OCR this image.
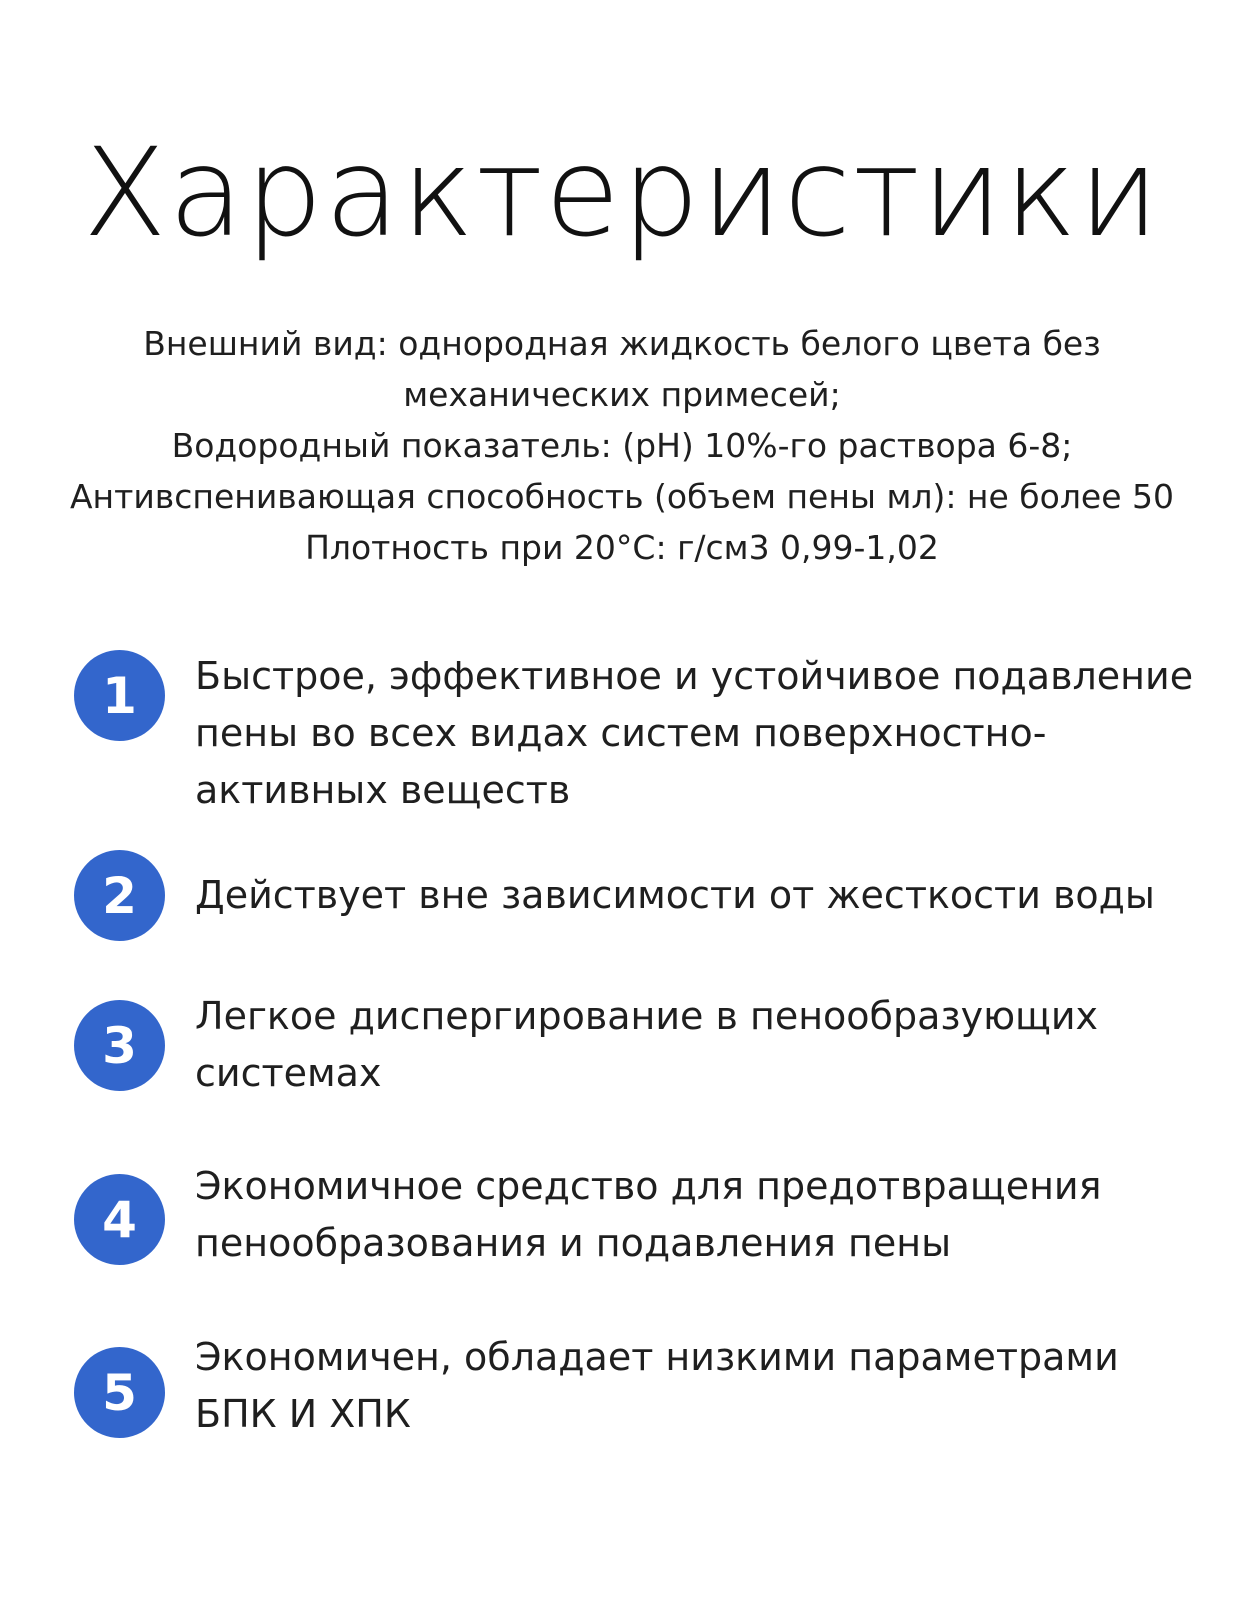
Характеристики
Внешний вид: однородная жидкость белого цвета без
механических примесей;
Водородный показатель: (pH) 10%-го раствора 6-8;
Антивспенивающая способность (объем пены мл): не более 50
Плотность при 20°С: г/см3 0,99-1,02
1	Быстрое, эффективное и устойчивое подавление
пены во всех видах систем поверхностно-
активных веществ
2	Действует вне зависимости от жесткости воды
3
Легкое диспергирование в пенообразующих
системах
4
Экономичное средство для предотвращения
пенообразования и подавления пены
5
Экономичен, обладает низкими параметрами
БПК И ХПК
